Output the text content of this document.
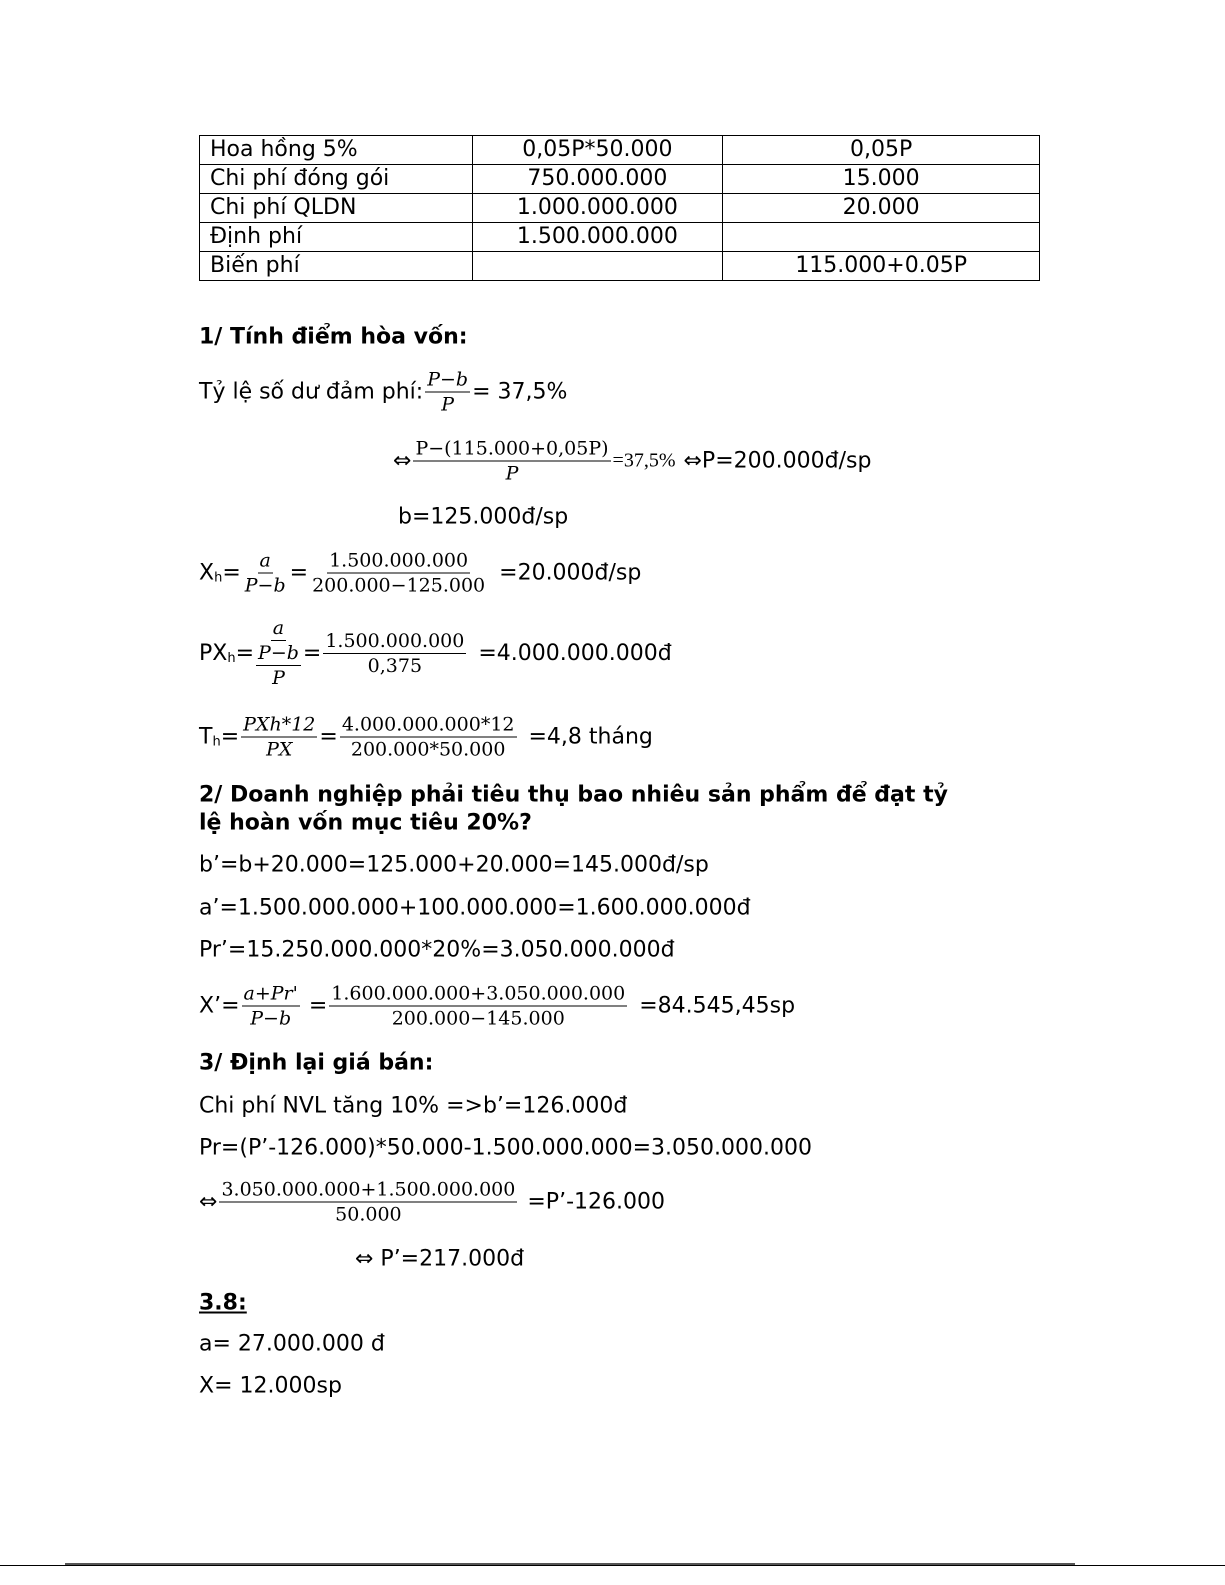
Hoa hồng 5%	0,05P*50.000	0,05P
Chi phí đóng gói	750.000.000	15.000
Chi phí QLDN	1.000.000.000	20.000
Định phí	1.500.000.000	
Biến phí		115.000+0.05P
1/ Tính điểm hòa vốn:
Tỷ lệ số dư đảm phí: $\frac{P-b}{P} = 37,5\%$
⇔ $\frac{P-(115.000+0,05P)}{P} =37,5\%$ ⇔P=200.000đ/sp
b=125.000đ/sp
X $h = \frac{a}{P-b} = \frac{1.500.000.000}{200.000-125.000}$ =20.000đ/sp
PX h =
a
P−b
P
= $\frac{1.500.000.000}{0,375}$ =4.000.000.000đ
T $h = \frac{\text{PXh*12}}{PX} = \frac{4.000.000.000*12}{200.000*50.000} =4,8$ tháng
2/ Doanh nghiệp phải tiêu thụ bao nhiêu sản phẩm để đạt tỷ
lệ hoàn vốn mục tiêu 20%?
b’=b+20.000=125.000+20.000=145.000đ/sp
a’=1.500.000.000+100.000.000=1.600.000.000đ
Pr’=15.250.000.000*20%=3.050.000.000đ
X’= $\frac{a+Pr'}{P-b} = \frac{1.600.000.000+3.050.000.000}{200.000-145.000} =84.545,45sp$
3/ Định lại giá bán:
Chi phí NVL tăng 10% =>b’=126.000đ
Pr=(P’-126.000)*50.000-1.500.000.000=3.050.000.000
⇔ $\frac{3.050.000.000+1.500.000.000}{50.000}$ =P’-126.000
⇔ P’=217.000đ
3.8:
a= 27.000.000 đ
X= 12.000sp
